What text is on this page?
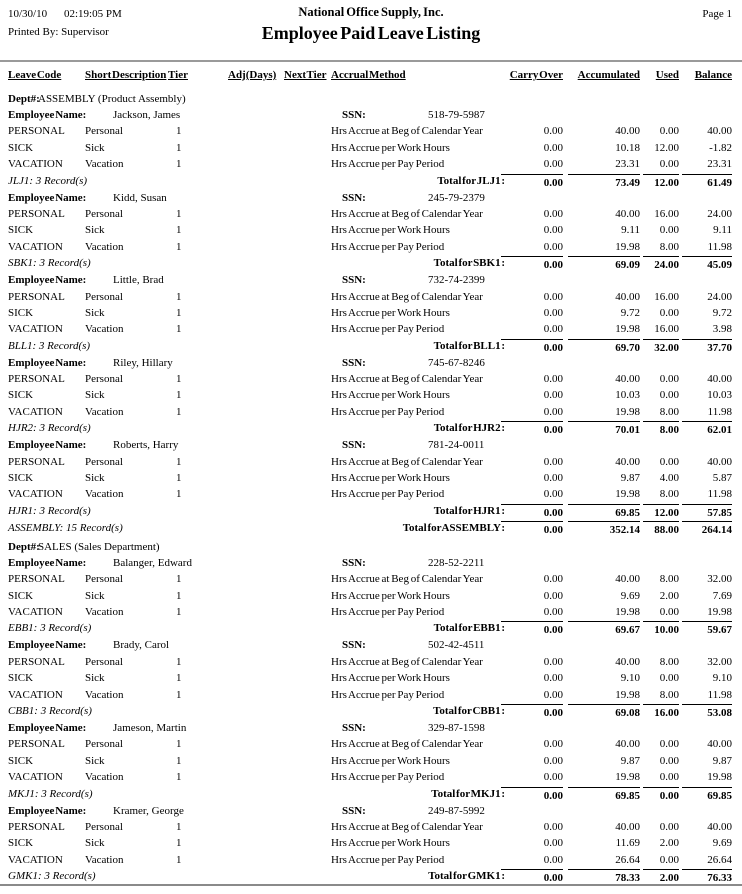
10/30/10 02:19:05 PM
Printed By: Supervisor
National Office Supply, Inc.
Employee Paid Leave Listing
Page 1
Leave Code Short Description Tier	Adj(Days) Next Tier Accrual Method	Carry Over Accumulated Used Balance
Dept#:
ASSEMBLY (Product Assembly)
Employee Name: Jackson, James	SSN:	518-79-5987
PERSONAL Personal	1	Hrs Accrue at Beg of Calendar Year	0.00	40.00	0.00	40.00
SICK	Sick	1	Hrs Accrue per Work Hours	0.00	10.18	12.00	-1.82
VACATION Vacation	1	Hrs Accrue per Pay Period	0.00	23.31	0.00	23.31
JLJ1: 3 Record(s)	Total for JLJ1 :	0.00	73.49	12.00	61.49
Employee Name: Kidd, Susan	SSN:	245-79-2379
PERSONAL Personal	1	Hrs Accrue at Beg of Calendar Year	0.00	40.00	16.00	24.00
SICK	Sick	1	Hrs Accrue per Work Hours	0.00	9.11	0.00	9.11
VACATION Vacation	1	Hrs Accrue per Pay Period	0.00	19.98	8.00	11.98
SBK1: 3 Record(s)	Total for SBK1 :	0.00	69.09	24.00	45.09
Employee Name: Little, Brad	SSN:	732-74-2399
PERSONAL Personal	1	Hrs Accrue at Beg of Calendar Year	0.00	40.00	16.00	24.00
SICK	Sick	1	Hrs Accrue per Work Hours	0.00	9.72	0.00	9.72
VACATION Vacation	1	Hrs Accrue per Pay Period	0.00	19.98	16.00	3.98
BLL1: 3 Record(s)	Total for BLL1 :	0.00	69.70	32.00	37.70
Employee Name: Riley, Hillary	SSN:	745-67-8246
PERSONAL Personal	1	Hrs Accrue at Beg of Calendar Year	0.00	40.00	0.00	40.00
SICK	Sick	1	Hrs Accrue per Work Hours	0.00	10.03	0.00	10.03
VACATION Vacation	1	Hrs Accrue per Pay Period	0.00	19.98	8.00	11.98
HJR2: 3 Record(s)	Total for HJR2 :	0.00	70.01	8.00	62.01
Employee Name: Roberts, Harry	SSN:	781-24-0011
PERSONAL Personal	1	Hrs Accrue at Beg of Calendar Year	0.00	40.00	0.00	40.00
SICK	Sick	1	Hrs Accrue per Work Hours	0.00	9.87	4.00	5.87
VACATION Vacation	1	Hrs Accrue per Pay Period	0.00	19.98	8.00	11.98
HJR1: 3 Record(s)	Total for HJR1 :	0.00	69.85	12.00	57.85
ASSEMBLY: 15 Record(s)	Total for ASSEMBLY :	0.00	352.14	88.00	264.14
Dept#:
SALES (Sales Department)
Employee Name: Balanger, Edward	SSN:	228-52-2211
PERSONAL Personal	1	Hrs Accrue at Beg of Calendar Year	0.00	40.00	8.00	32.00
SICK	Sick	1	Hrs Accrue per Work Hours	0.00	9.69	2.00	7.69
VACATION Vacation	1	Hrs Accrue per Pay Period	0.00	19.98	0.00	19.98
EBB1: 3 Record(s)	Total for EBB1 :	0.00	69.67	10.00	59.67
Employee Name: Brady, Carol	SSN:	502-42-4511
PERSONAL Personal	1	Hrs Accrue at Beg of Calendar Year	0.00	40.00	8.00	32.00
SICK	Sick	1	Hrs Accrue per Work Hours	0.00	9.10	0.00	9.10
VACATION Vacation	1	Hrs Accrue per Pay Period	0.00	19.98	8.00	11.98
CBB1: 3 Record(s)	Total for CBB1 :	0.00	69.08	16.00	53.08
Employee Name: Jameson, Martin	SSN:	329-87-1598
PERSONAL Personal	1	Hrs Accrue at Beg of Calendar Year	0.00	40.00	0.00	40.00
SICK	Sick	1	Hrs Accrue per Work Hours	0.00	9.87	0.00	9.87
VACATION Vacation	1	Hrs Accrue per Pay Period	0.00	19.98	0.00	19.98
MKJ1: 3 Record(s)	Total for MKJ1 :	0.00	69.85	0.00	69.85
Employee Name: Kramer, George	SSN:	249-87-5992
PERSONAL Personal	1	Hrs Accrue at Beg of Calendar Year	0.00	40.00	0.00	40.00
SICK	Sick	1	Hrs Accrue per Work Hours	0.00	11.69	2.00	9.69
VACATION Vacation	1	Hrs Accrue per Pay Period	0.00	26.64	0.00	26.64
GMK1: 3 Record(s)	Total for GMK1 :	0.00	78.33	2.00	76.33
